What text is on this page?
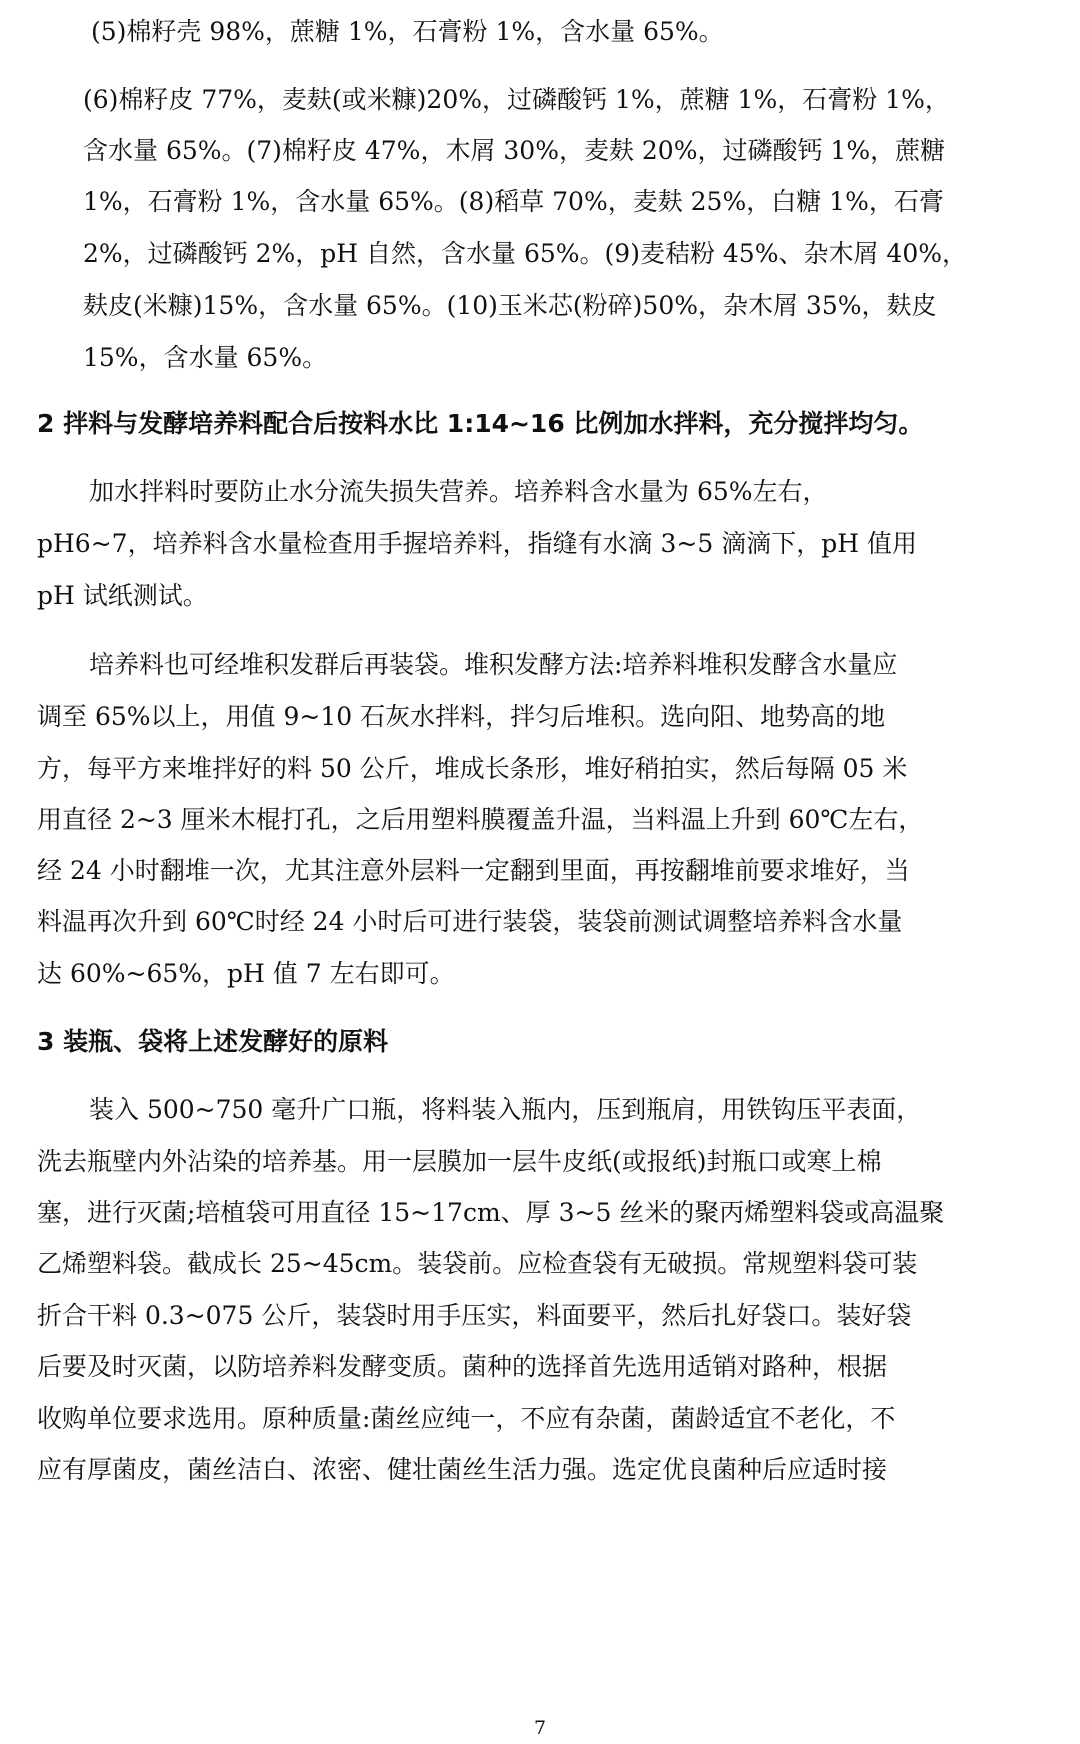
(5)棉籽壳 98%，蔗糖 1%，石膏粉 1%，含水量 65%。

(6)棉籽皮 77%，麦麸(或米糠)20%，过磷酸钙 1%，蔗糖 1%，石膏粉 1%，

含水量 65%。(7)棉籽皮 47%，木屑 30%，麦麸 20%，过磷酸钙 1%，蔗糖

1%，石膏粉 1%，含水量 65%。(8)稻草 70%，麦麸 25%，白糖 1%，石膏

2%，过磷酸钙 2%，pH 自然，含水量 65%。(9)麦秸粉 45%、杂木屑 40%，

麸皮(米糠)15%，含水量 65%。(10)玉米芯(粉碎)50%，杂木屑 35%，麸皮

15%，含水量 65%。

2 拌料与发酵培养料配合后按料水比 1:14~16 比例加水拌料，充分搅拌均匀。

加水拌料时要防止水分流失损失营养。培养料含水量为 65%左右，

pH6~7，培养料含水量检查用手握培养料，指缝有水滴 3~5 滴滴下，pH 值用

pH 试纸测试。

培养料也可经堆积发群后再装袋。堆积发酵方法:培养料堆积发酵含水量应

调至 65%以上，用值 9~10 石灰水拌料，拌匀后堆积。选向阳、地势高的地

方，每平方来堆拌好的料 50 公斤，堆成长条形，堆好稍拍实，然后每隔 05 米

用直径 2~3 厘米木棍打孔，之后用塑料膜覆盖升温，当料温上升到 60℃左右，

经 24 小时翻堆一次，尤其注意外层料一定翻到里面，再按翻堆前要求堆好，当

料温再次升到 60℃时经 24 小时后可进行装袋，装袋前测试调整培养料含水量

达 60%~65%，pH 值 7 左右即可。

3 装瓶、袋将上述发酵好的原料

装入 500~750 毫升广口瓶，将料装入瓶内，压到瓶肩，用铁钩压平表面，

洗去瓶壁内外沾染的培养基。用一层膜加一层牛皮纸(或报纸)封瓶口或寒上棉

塞，进行灭菌;培植袋可用直径 15~17cm、厚 3~5 丝米的聚丙烯塑料袋或高温聚

乙烯塑料袋。截成长 25~45cm。装袋前。应检查袋有无破损。常规塑料袋可装

折合干料 0.3~075 公斤，装袋时用手压实，料面要平，然后扎好袋口。装好袋

后要及时灭菌，以防培养料发酵变质。菌种的选择首先选用适销对路种，根据

收购单位要求选用。原种质量:菌丝应纯一，不应有杂菌，菌龄适宜不老化，不

应有厚菌皮，菌丝洁白、浓密、健壮菌丝生活力强。选定优良菌种后应适时接

7
